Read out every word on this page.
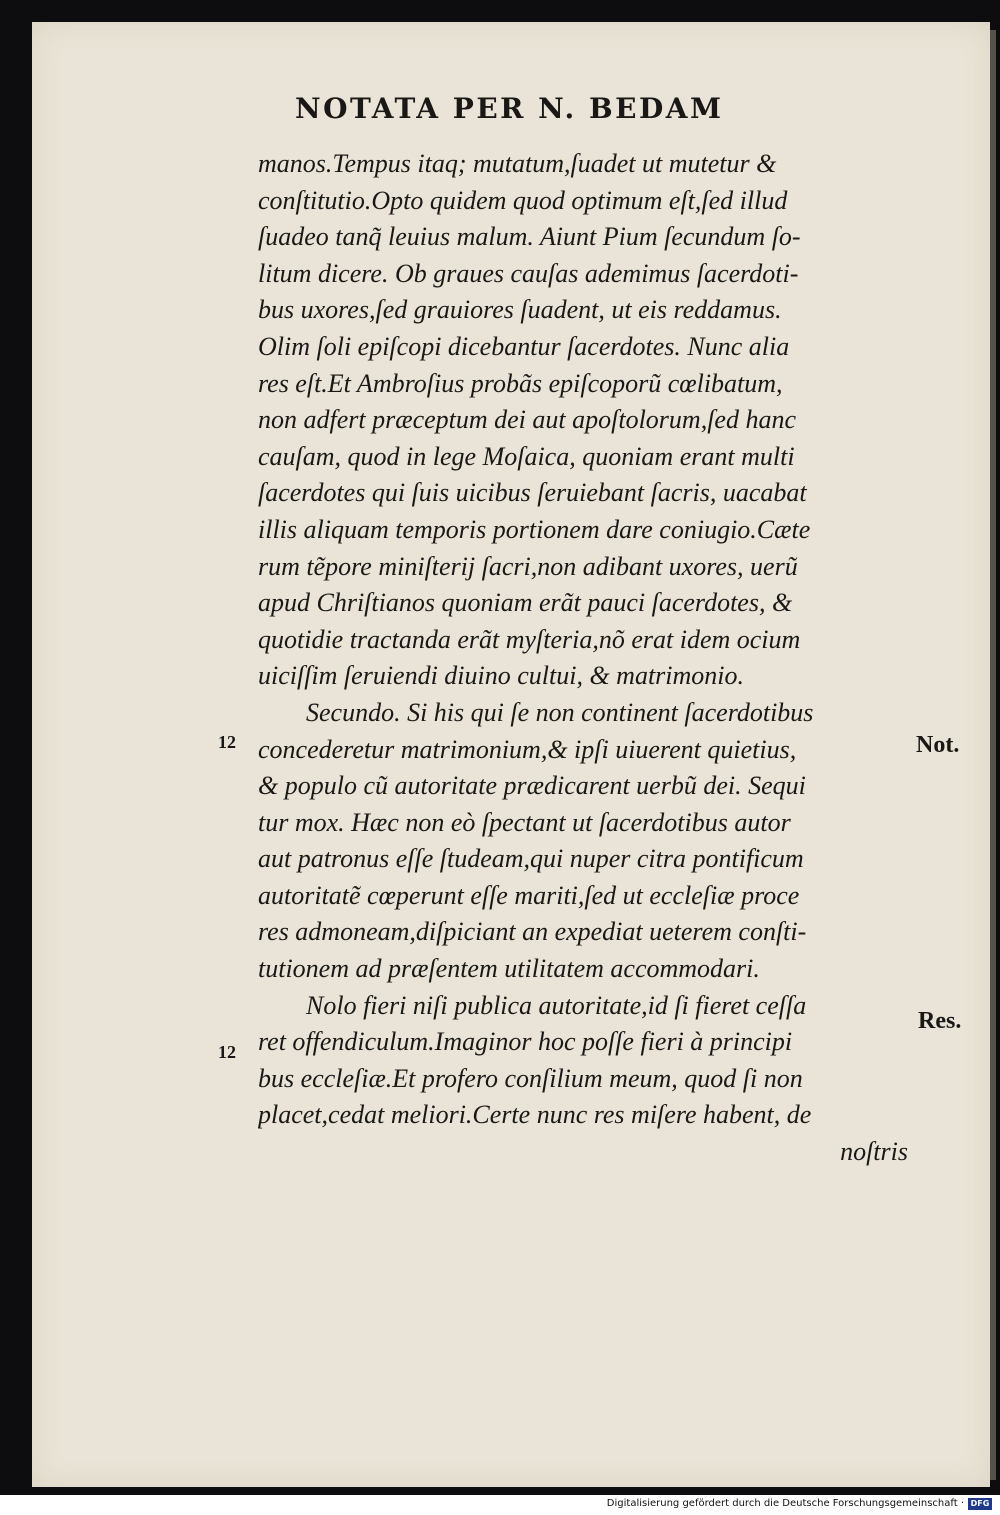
NOTATA PER N. BEDAM
manos.Tempus itaq; mutatum,ſuadet ut mutetur &
conſtitutio.Opto quidem quod optimum eſt,ſed illud
ſuadeo tanq̃ leuius malum. Aiunt Pium ſecundum ſo-
litum dicere. Ob graues cauſas ademimus ſacerdoti-
bus uxores,ſed grauiores ſuadent, ut eis reddamus.
Olim ſoli epiſcopi dicebantur ſacerdotes. Nunc alia
res eſt.Et Ambroſius probãs epiſcoporũ cœlibatum,
non adfert præceptum dei aut apoſtolorum,ſed hanc
cauſam, quod in lege Moſaica, quoniam erant multi
ſacerdotes qui ſuis uicibus ſeruiebant ſacris, uacabat
illis aliquam temporis portionem dare coniugio.Cæte
rum tẽpore miniſterij ſacri,non adibant uxores, uerũ
apud Chriſtianos quoniam erãt pauci ſacerdotes, &
quotidie tractanda erãt myſteria,nõ erat idem ocium
uiciſſim ſeruiendi diuino cultui, & matrimonio.
Secundo. Si his qui ſe non continent ſacerdotibus
concederetur matrimonium,& ipſi uiuerent quietius,
& populo cũ autoritate prædicarent uerbũ dei. Sequi
tur mox. Hæc non eò ſpectant ut ſacerdotibus autor
aut patronus eſſe ſtudeam,qui nuper citra pontificum
autoritatẽ cœperunt eſſe mariti,ſed ut eccleſiæ proce
res admoneam,diſpiciant an expediat ueterem conſti-
tutionem ad præſentem utilitatem accommodari.
Nolo fieri niſi publica autoritate,id ſi fieret ceſſa
ret offendiculum.Imaginor hoc poſſe fieri à principi
bus eccleſiæ.Et profero conſilium meum, quod ſi non
placet,cedat meliori.Certe nunc res miſere habent, de
noſtris
12
12
Not.
Res.
Digitalisierung gefördert durch die Deutsche Forschungsgemeinschaft · DFG
